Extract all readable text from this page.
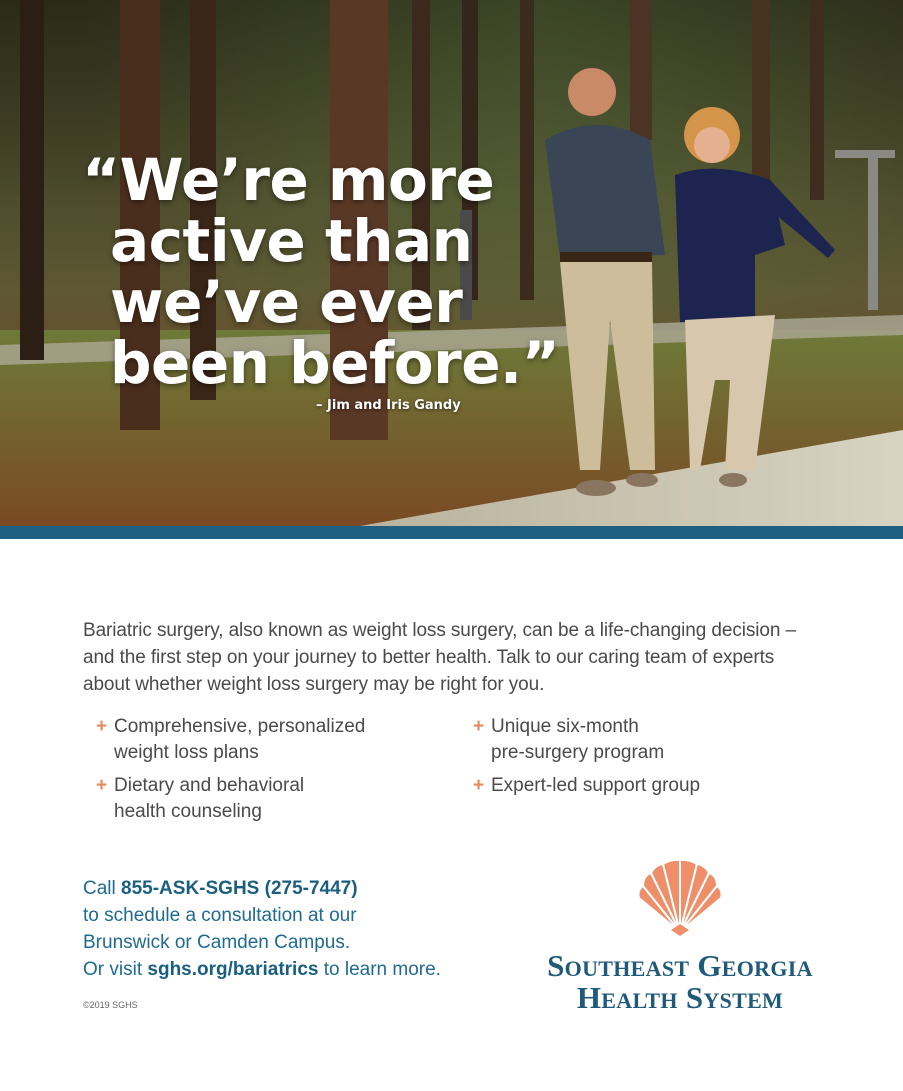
“We’re more
active than
we’ve ever
been before.”
– Jim and Iris Gandy

Bariatric surgery, also known as weight loss surgery, can be a life-changing decision – and the first step on your journey to better health. Talk to our caring team of experts about whether weight loss surgery may be right for you.

+ Comprehensive, personalized
weight loss plans
+ Dietary and behavioral
health counseling
+ Unique six-month
pre-surgery program
+ Expert-led support group

Call 855-ASK-SGHS (275-7447)
to schedule a consultation at our
Brunswick or Camden Campus.
Or visit sghs.org/bariatrics to learn more.

©2019 SGHS
Southeast Georgia
Health System
